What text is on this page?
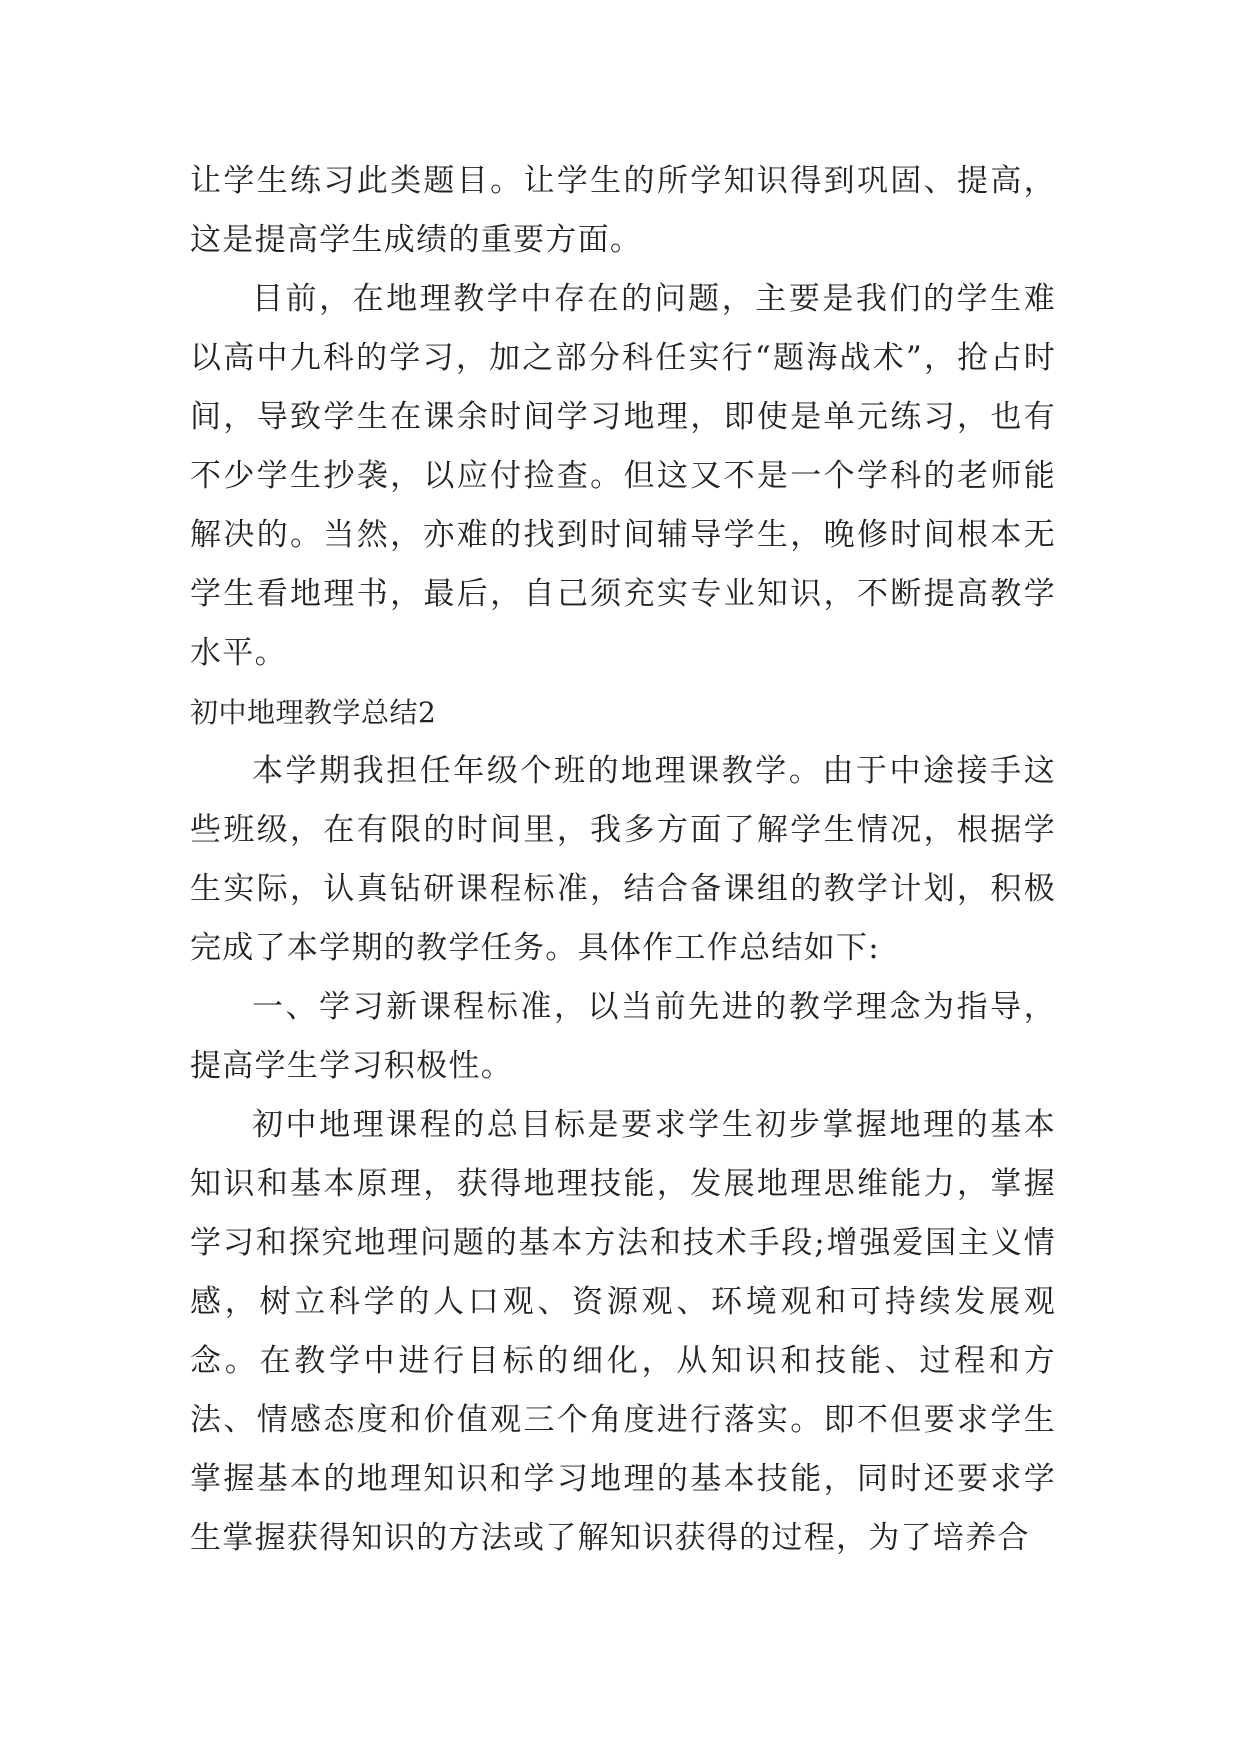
让学生练习此类题目。让学生的所学知识得到巩固、提高，这是提高学生成绩的重要方面。

目前，在地理教学中存在的问题，主要是我们的学生难以高中九科的学习，加之部分科任实行“题海战术”，抢占时间，导致学生在课余时间学习地理，即使是单元练习，也有不少学生抄袭，以应付捡查。但这又不是一个学科的老师能解决的。当然，亦难的找到时间辅导学生，晚修时间根本无学生看地理书，最后，自己须充实专业知识，不断提高教学水平。

初中地理教学总结2

本学期我担任年级个班的地理课教学。由于中途接手这些班级，在有限的时间里，我多方面了解学生情况，根据学生实际，认真钻研课程标准，结合备课组的教学计划，积极完成了本学期的教学任务。具体作工作总结如下:

一、学习新课程标准，以当前先进的教学理念为指导，提高学生学习积极性。

初中地理课程的总目标是要求学生初步掌握地理的基本知识和基本原理，获得地理技能，发展地理思维能力，掌握学习和探究地理问题的基本方法和技术手段;增强爱国主义情感，树立科学的人口观、资源观、环境观和可持续发展观念。在教学中进行目标的细化，从知识和技能、过程和方法、情感态度和价值观三个角度进行落实。即不但要求学生掌握基本的地理知识和学习地理的基本技能，同时还要求学生掌握获得知识的方法或了解知识获得的过程，为了培养合
